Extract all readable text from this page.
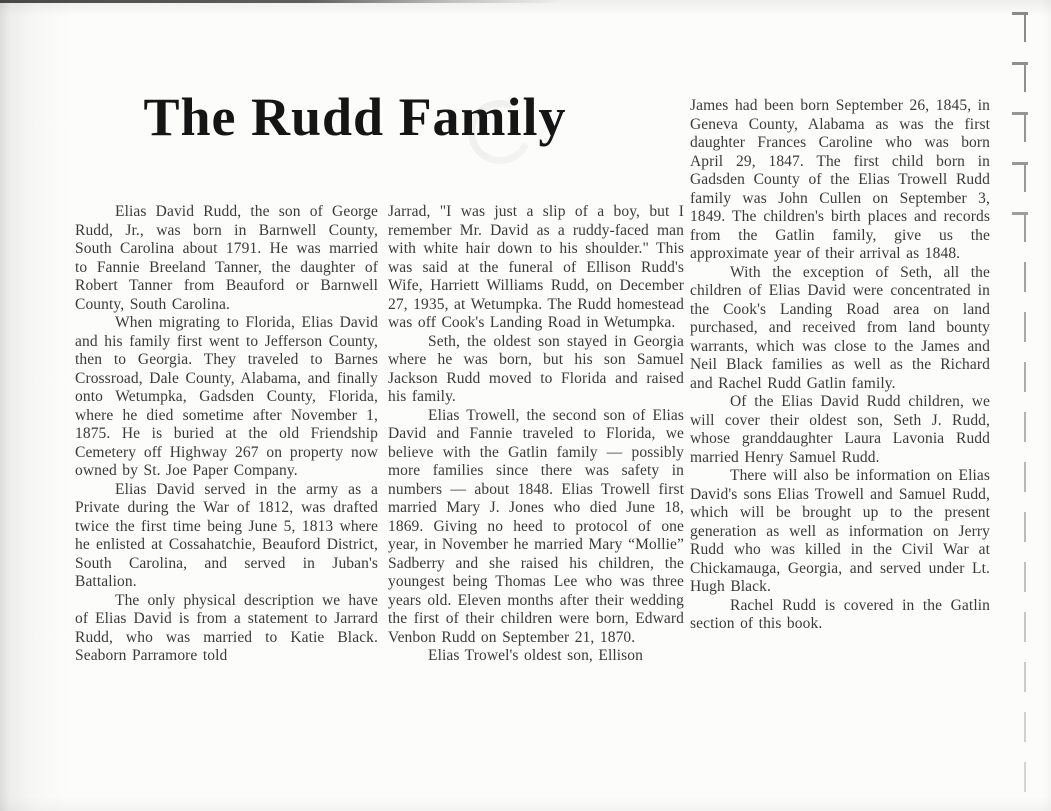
The Rudd Family

Elias David Rudd, the son of George Rudd, Jr., was born in Barnwell County, South Carolina about 1791. He was married to Fannie Breeland Tanner, the daughter of Robert Tanner from Beauford or Barnwell County, South Carolina.

When migrating to Florida, Elias David and his family first went to Jefferson County, then to Georgia. They traveled to Barnes Crossroad, Dale County, Alabama, and finally onto Wetumpka, Gadsden County, Florida, where he died sometime after November 1, 1875. He is buried at the old Friendship Cemetery off Highway 267 on property now owned by St. Joe Paper Company.

Elias David served in the army as a Private during the War of 1812, was drafted twice the first time being June 5, 1813 where he enlisted at Cossahatchie, Beauford District, South Carolina, and served in Juban's Battalion.

The only physical description we have of Elias David is from a statement to Jarrard Rudd, who was married to Katie Black. Seaborn Parramore told

Jarrad, "I was just a slip of a boy, but I remember Mr. David as a ruddy-faced man with white hair down to his shoulder." This was said at the funeral of Ellison Rudd's Wife, Harriett Williams Rudd, on December 27, 1935, at Wetumpka. The Rudd homestead was off Cook's Landing Road in Wetumpka.

Seth, the oldest son stayed in Georgia where he was born, but his son Samuel Jackson Rudd moved to Florida and raised his family.

Elias Trowell, the second son of Elias David and Fannie traveled to Florida, we believe with the Gatlin family — possibly more families since there was safety in numbers — about 1848. Elias Trowell first married Mary J. Jones who died June 18, 1869. Giving no heed to protocol of one year, in November he married Mary “Mollie” Sadberry and she raised his children, the youngest being Thomas Lee who was three years old. Eleven months after their wedding the first of their children were born, Edward Venbon Rudd on September 21, 1870.

Elias Trowel's oldest son, Ellison

James had been born September 26, 1845, in Geneva County, Alabama as was the first daughter Frances Caroline who was born April 29, 1847. The first child born in Gadsden County of the Elias Trowell Rudd family was John Cullen on September 3, 1849. The children's birth places and records from the Gatlin family, give us the approximate year of their arrival as 1848.

With the exception of Seth, all the children of Elias David were concentrated in the Cook's Landing Road area on land purchased, and received from land bounty warrants, which was close to the James and Neil Black families as well as the Richard and Rachel Rudd Gatlin family.

Of the Elias David Rudd children, we will cover their oldest son, Seth J. Rudd, whose granddaughter Laura Lavonia Rudd married Henry Samuel Rudd.

There will also be information on Elias David's sons Elias Trowell and Samuel Rudd, which will be brought up to the present generation as well as information on Jerry Rudd who was killed in the Civil War at Chickamauga, Georgia, and served under Lt. Hugh Black.

Rachel Rudd is covered in the Gatlin section of this book.
